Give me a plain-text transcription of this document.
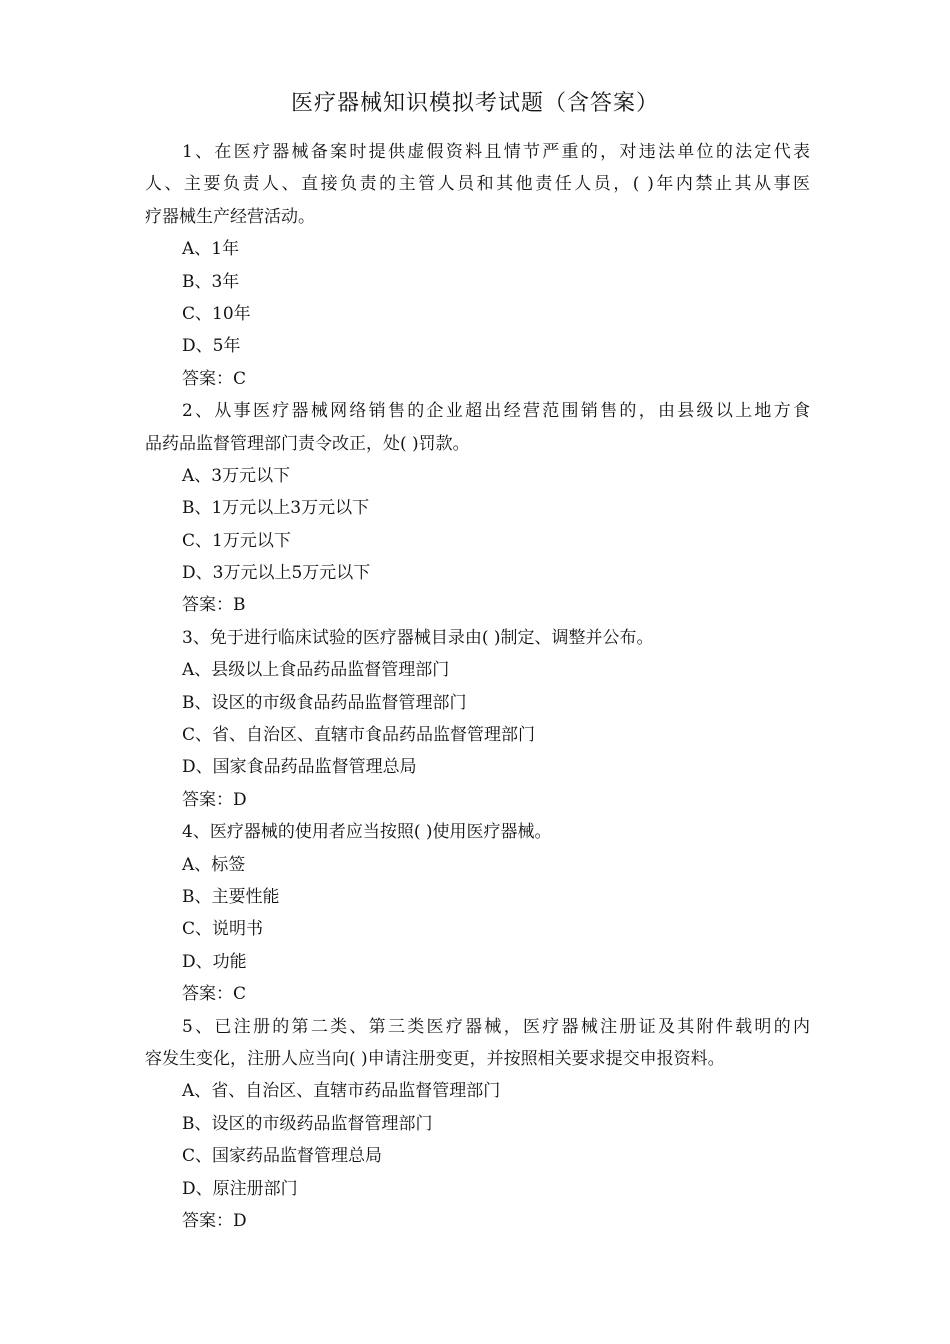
医疗器械知识模拟考试题（含答案）
1、在医疗器械备案时提供虚假资料且情节严重的，对违法单位的法定代表
人、主要负责人、直接负责的主管人员和其他责任人员，( )年内禁止其从事医
疗器械生产经营活动。
A、1年
B、3年
C、10年
D、5年
答案：C
2、从事医疗器械网络销售的企业超出经营范围销售的，由县级以上地方食
品药品监督管理部门责令改正，处( )罚款。
A、3万元以下
B、1万元以上3万元以下
C、1万元以下
D、3万元以上5万元以下
答案：B
3、免于进行临床试验的医疗器械目录由( )制定、调整并公布。
A、县级以上食品药品监督管理部门
B、设区的市级食品药品监督管理部门
C、省、自治区、直辖市食品药品监督管理部门
D、国家食品药品监督管理总局
答案：D
4、医疗器械的使用者应当按照( )使用医疗器械。
A、标签
B、主要性能
C、说明书
D、功能
答案：C
5、已注册的第二类、第三类医疗器械，医疗器械注册证及其附件载明的内
容发生变化，注册人应当向( )申请注册变更，并按照相关要求提交申报资料。
A、省、自治区、直辖市药品监督管理部门
B、设区的市级药品监督管理部门
C、国家药品监督管理总局
D、原注册部门
答案：D
